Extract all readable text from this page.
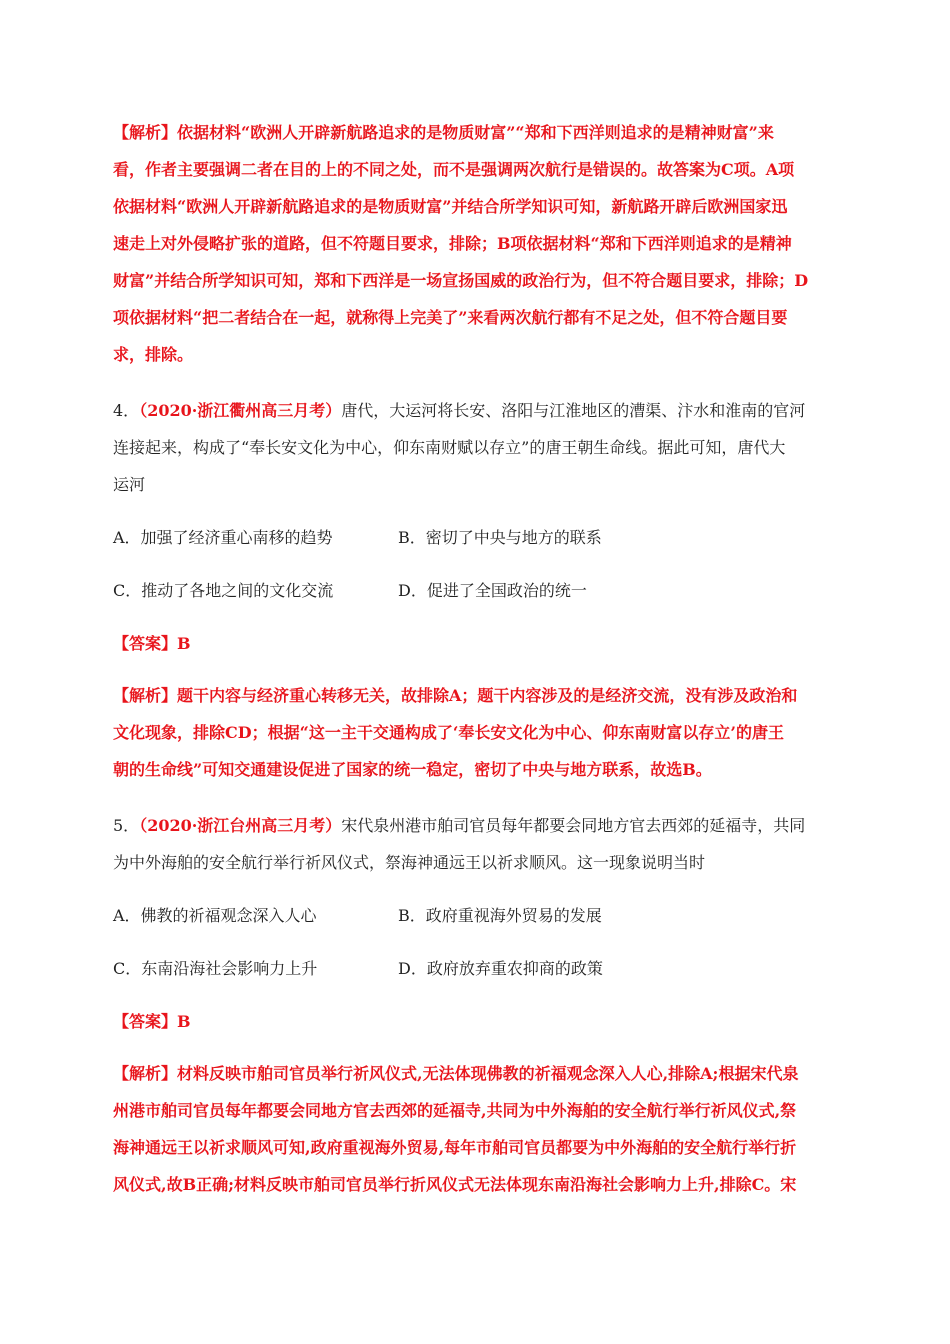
【解析】依据材料“欧洲人开辟新航路追求的是物质财富”“郑和下西洋则追求的是精神财富”来
看，作者主要强调二者在目的上的不同之处，而不是强调两次航行是错误的。故答案为C项。A项
依据材料“欧洲人开辟新航路追求的是物质财富”并结合所学知识可知，新航路开辟后欧洲国家迅
速走上对外侵略扩张的道路，但不符题目要求，排除；B项依据材料“郑和下西洋则追求的是精神
财富”并结合所学知识可知，郑和下西洋是一场宣扬国威的政治行为，但不符合题目要求，排除；D
项依据材料“把二者结合在一起，就称得上完美了”来看两次航行都有不足之处，但不符合题目要
求，排除。
4．（2020·浙江衢州高三月考）唐代，大运河将长安、洛阳与江淮地区的漕渠、汴水和淮南的官河
连接起来，构成了“奉长安文化为中心，仰东南财赋以存立”的唐王朝生命线。据此可知，唐代大
运河
A．加强了经济重心南移的趋势	B．密切了中央与地方的联系
C．推动了各地之间的文化交流	D．促进了全国政治的统一
【答案】B
【解析】题干内容与经济重心转移无关，故排除A；题干内容涉及的是经济交流，没有涉及政治和
文化现象，排除CD；根据“这一主干交通构成了‘奉长安文化为中心、仰东南财富以存立’的唐王
朝的生命线”可知交通建设促进了国家的统一稳定，密切了中央与地方联系，故选B。
5．（2020·浙江台州高三月考）宋代泉州港市舶司官员每年都要会同地方官去西郊的延福寺，共同
为中外海舶的安全航行举行祈风仪式，祭海神通远王以祈求顺风。这一现象说明当时
A．佛教的祈福观念深入人心	B．政府重视海外贸易的发展
C．东南沿海社会影响力上升	D．政府放弃重农抑商的政策
【答案】B
【解析】材料反映市舶司官员举行祈风仪式,无法体现佛教的祈福观念深入人心,排除A;根据宋代泉
州港市舶司官员每年都要会同地方官去西郊的延福寺,共同为中外海舶的安全航行举行祈风仪式,祭
海神通远王以祈求顺风可知,政府重视海外贸易,每年市舶司官员都要为中外海舶的安全航行举行折
风仪式,故B正确;材料反映市舶司官员举行折风仪式无法体现东南沿海社会影响力上升,排除C。宋
